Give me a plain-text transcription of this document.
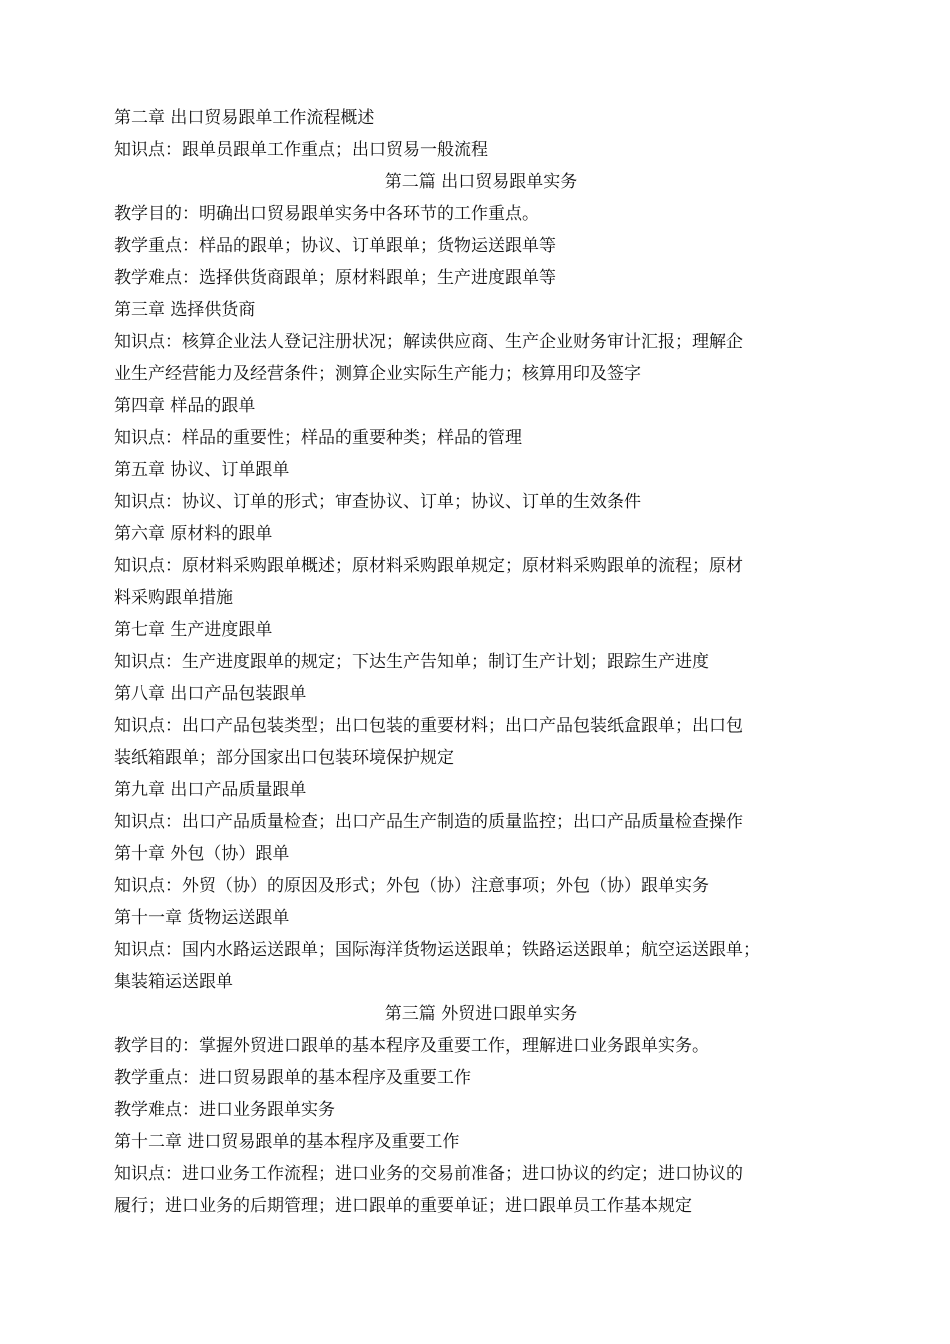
第二章 出口贸易跟单工作流程概述
知识点：跟单员跟单工作重点；出口贸易一般流程
第二篇 出口贸易跟单实务
教学目的：明确出口贸易跟单实务中各环节的工作重点。
教学重点：样品的跟单；协议、订单跟单；货物运送跟单等
教学难点：选择供货商跟单；原材料跟单；生产进度跟单等
第三章 选择供货商
知识点：核算企业法人登记注册状况；解读供应商、生产企业财务审计汇报；理解企
业生产经营能力及经营条件；测算企业实际生产能力；核算用印及签字
第四章 样品的跟单
知识点：样品的重要性；样品的重要种类；样品的管理
第五章 协议、订单跟单
知识点：协议、订单的形式；审查协议、订单；协议、订单的生效条件
第六章 原材料的跟单
知识点：原材料采购跟单概述；原材料采购跟单规定；原材料采购跟单的流程；原材
料采购跟单措施
第七章 生产进度跟单
知识点：生产进度跟单的规定；下达生产告知单；制订生产计划；跟踪生产进度
第八章 出口产品包装跟单
知识点：出口产品包装类型；出口包装的重要材料；出口产品包装纸盒跟单；出口包
装纸箱跟单；部分国家出口包装环境保护规定
第九章 出口产品质量跟单
知识点：出口产品质量检查；出口产品生产制造的质量监控；出口产品质量检查操作
第十章 外包（协）跟单
知识点：外贸（协）的原因及形式；外包（协）注意事项；外包（协）跟单实务
第十一章 货物运送跟单
知识点：国内水路运送跟单；国际海洋货物运送跟单；铁路运送跟单；航空运送跟单；
集装箱运送跟单
第三篇 外贸进口跟单实务
教学目的：掌握外贸进口跟单的基本程序及重要工作，理解进口业务跟单实务。
教学重点：进口贸易跟单的基本程序及重要工作
教学难点：进口业务跟单实务
第十二章 进口贸易跟单的基本程序及重要工作
知识点：进口业务工作流程；进口业务的交易前准备；进口协议的约定；进口协议的
履行；进口业务的后期管理；进口跟单的重要单证；进口跟单员工作基本规定
